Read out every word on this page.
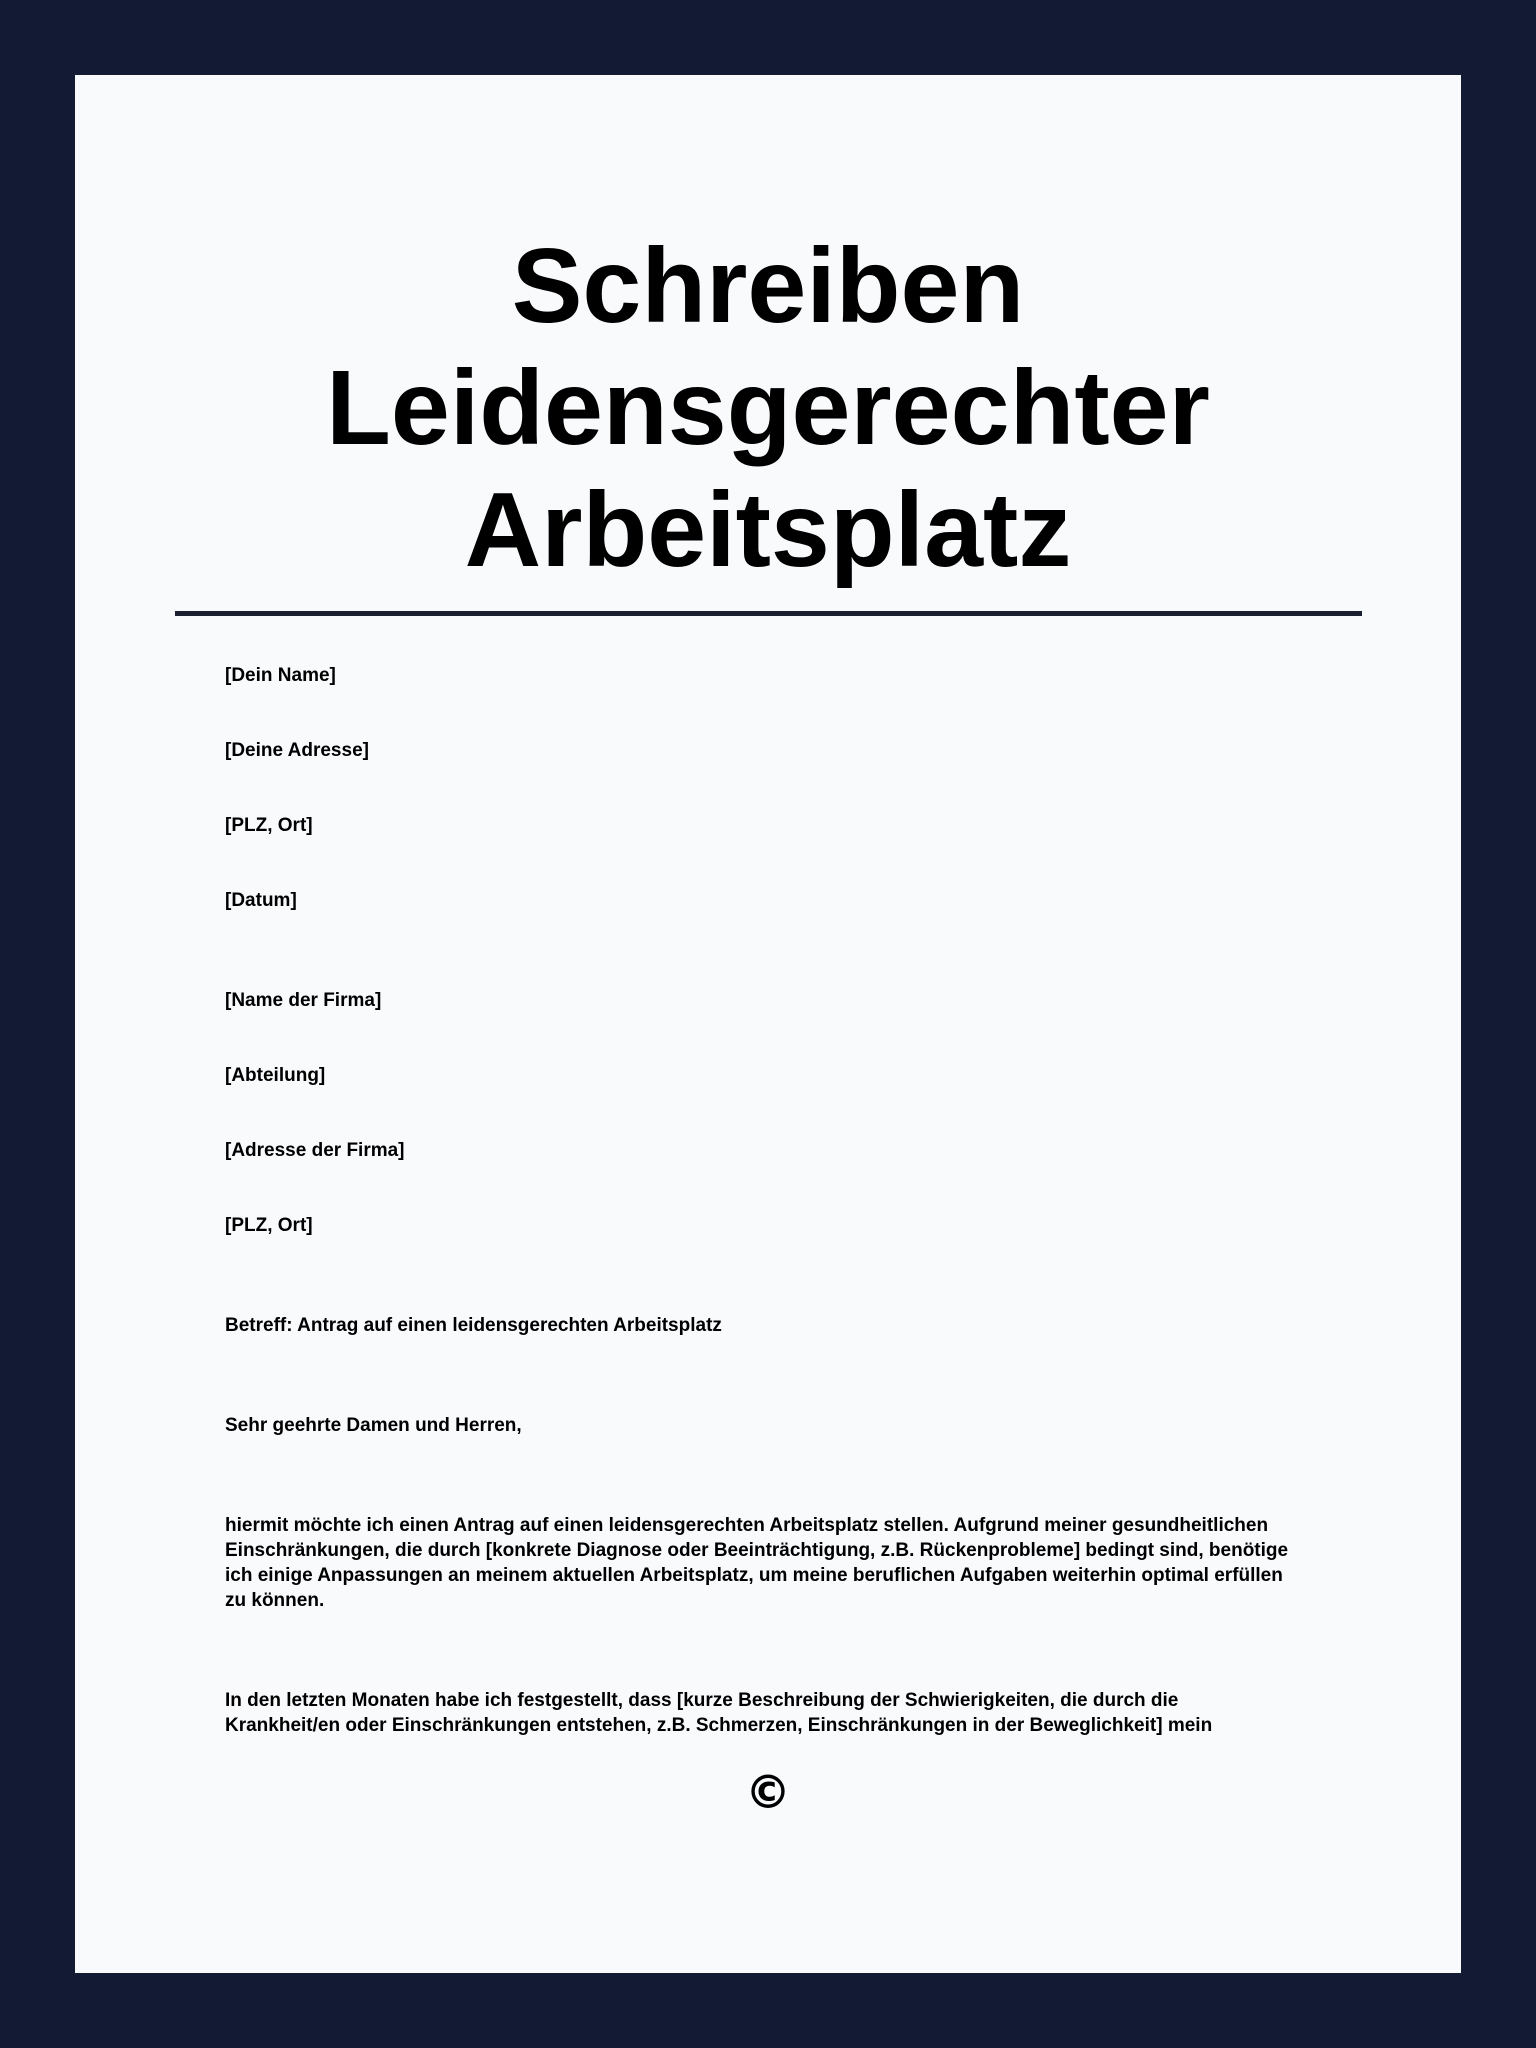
Schreiben
Leidensgerechter
Arbeitsplatz
[Dein Name]
[Deine Adresse]
[PLZ, Ort]
[Datum]
[Name der Firma]
[Abteilung]
[Adresse der Firma]
[PLZ, Ort]
Betreff: Antrag auf einen leidensgerechten Arbeitsplatz
Sehr geehrte Damen und Herren,
hiermit möchte ich einen Antrag auf einen leidensgerechten Arbeitsplatz stellen. Aufgrund meiner gesundheitlichen
Einschränkungen, die durch [konkrete Diagnose oder Beeinträchtigung, z.B. Rückenprobleme] bedingt sind, benötige
ich einige Anpassungen an meinem aktuellen Arbeitsplatz, um meine beruflichen Aufgaben weiterhin optimal erfüllen
zu können.
In den letzten Monaten habe ich festgestellt, dass [kurze Beschreibung der Schwierigkeiten, die durch die
Krankheit/en oder Einschränkungen entstehen, z.B. Schmerzen, Einschränkungen in der Beweglichkeit] mein
©
